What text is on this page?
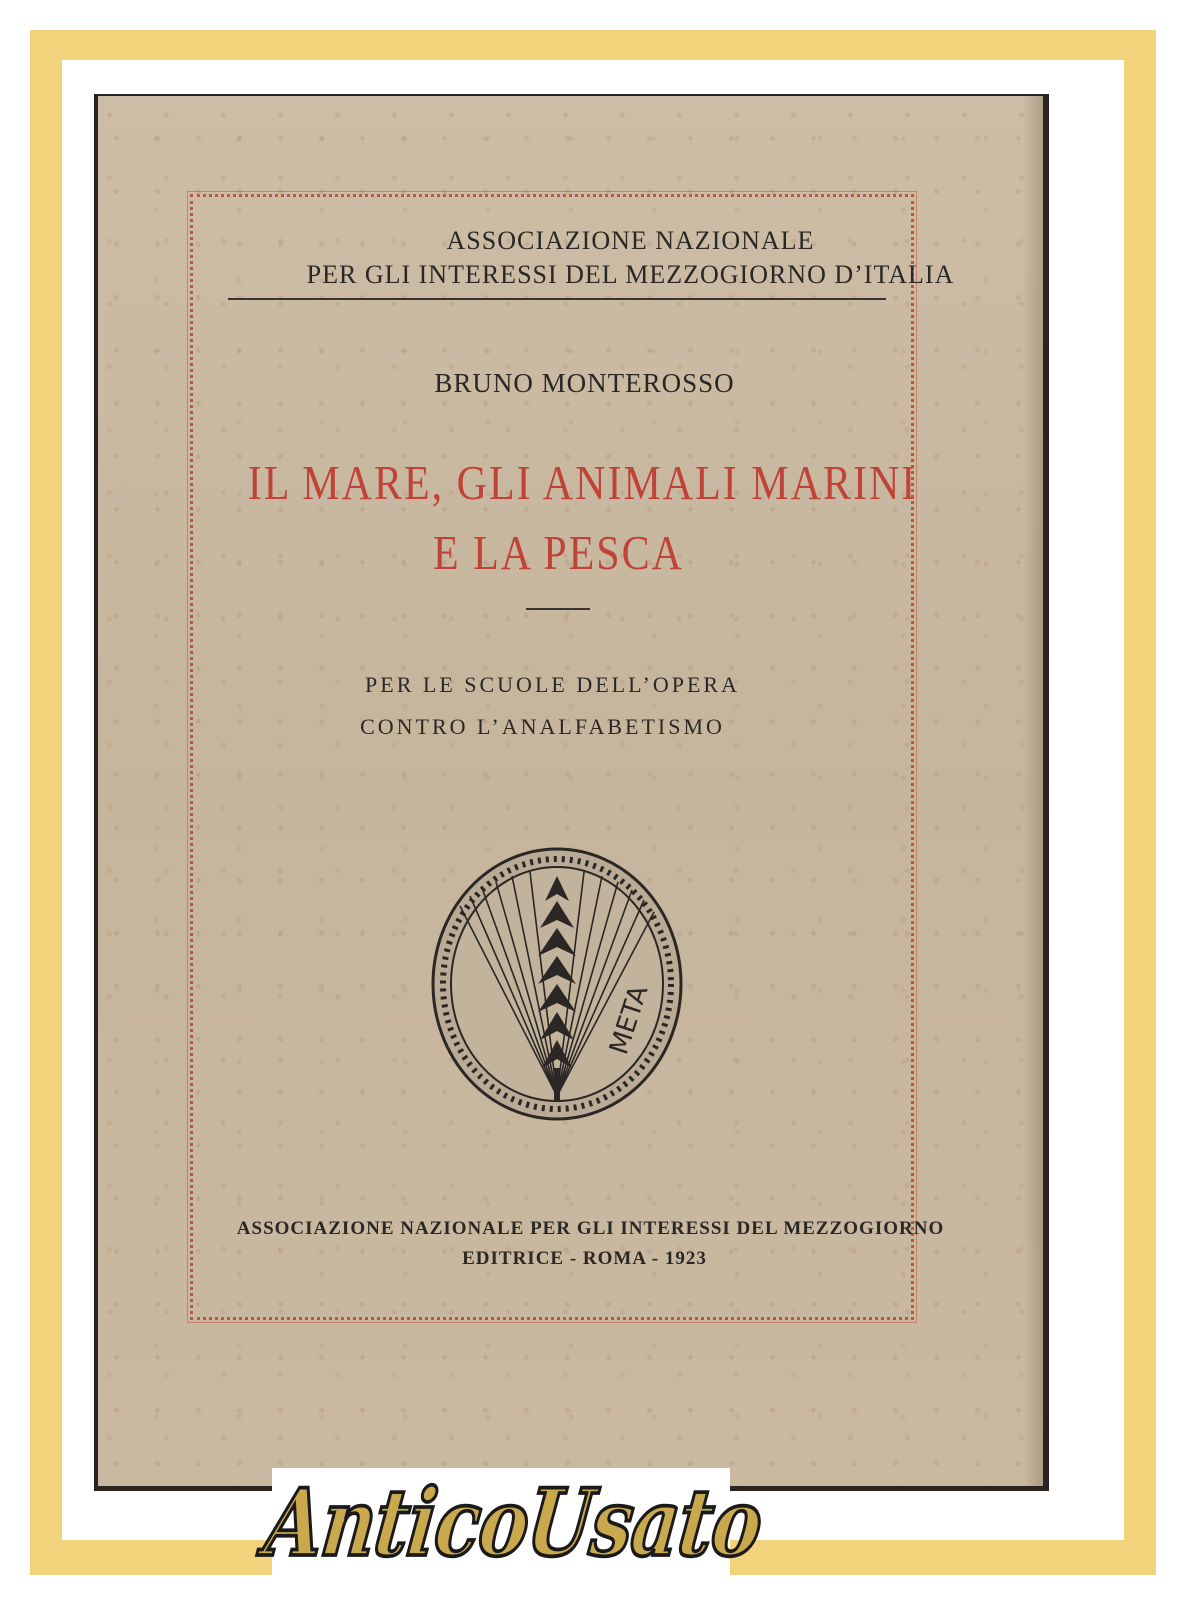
ASSOCIAZIONE NAZIONALE
PER GLI INTERESSI DEL MEZZOGIORNO D’ITALIA
BRUNO MONTEROSSO
IL MARE, GLI ANIMALI MARINI
E LA PESCA
PER LE SCUOLE DELL’OPERA
CONTRO L’ANALFABETISMO
META
ASSOCIAZIONE NAZIONALE PER GLI INTERESSI DEL MEZZOGIORNO
EDITRICE - ROMA - 1923
AnticoUsato
